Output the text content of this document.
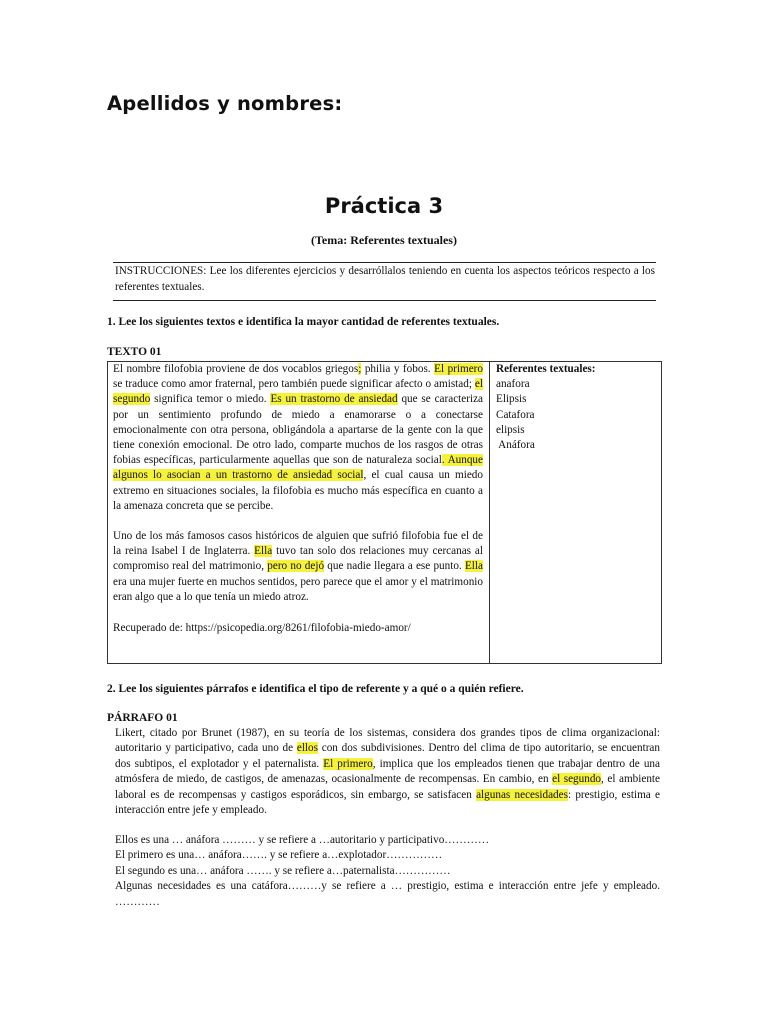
Apellidos y nombres:
Práctica 3
(Tema: Referentes textuales)

INSTRUCCIONES: Lee los diferentes ejercicios y desarróllalos teniendo en cuenta los aspectos teóricos respecto a los referentes textuales.

1. Lee los siguientes textos e identifica la mayor cantidad de referentes textuales.
TEXTO 01

El nombre filofobia proviene de dos vocablos griegos; philia y fobos. El primero se traduce como amor fraternal, pero también puede significar afecto o amistad; el segundo significa temor o miedo. Es un trastorno de ansiedad que se caracteriza por un sentimiento profundo de miedo a enamorarse o a conectarse emocionalmente con otra persona, obligándola a apartarse de la gente con la que tiene conexión emocional. De otro lado, comparte muchos de los rasgos de otras fobias específicas, particularmente aquellas que son de naturaleza social. Aunque algunos lo asocian a un trastorno de ansiedad social, el cual causa un miedo extremo en situaciones sociales, la filofobia es mucho más específica en cuanto a la amenaza concreta que se percibe.

Uno de los más famosos casos históricos de alguien que sufrió filofobia fue el de la reina Isabel I de Inglaterra. Ella tuvo tan solo dos relaciones muy cercanas al compromiso real del matrimonio, pero no dejó que nadie llegara a ese punto. Ella era una mujer fuerte en muchos sentidos, pero parece que el amor y el matrimonio eran algo que a lo que tenía un miedo atroz.

Recuperado de: https://psicopedia.org/8261/filofobia-miedo-amor/

Referentes textuales:
anafora
Elipsis
Catafora
elipsis
Anáfora
2. Lee los siguientes párrafos e identifica el tipo de referente y a qué o a quién refiere.
PÁRRAFO 01

Likert, citado por Brunet (1987), en su teoría de los sistemas, considera dos grandes tipos de clima organizacional: autoritario y participativo, cada uno de ellos con dos subdivisiones. Dentro del clima de tipo autoritario, se encuentran dos subtipos, el explotador y el paternalista. El primero, implica que los empleados tienen que trabajar dentro de una atmósfera de miedo, de castigos, de amenazas, ocasionalmente de recompensas. En cambio, en el segundo, el ambiente laboral es de recompensas y castigos esporádicos, sin embargo, se satisfacen algunas necesidades: prestigio, estima e interacción entre jefe y empleado.

Ellos es una … anáfora ……… y se refiere a …autoritario y participativo…………
El primero es una… anáfora……. y se refiere a…explotador……………
El segundo es una… anáfora ……. y se refiere a…paternalista……………
Algunas necesidades es una catáfora………y se refiere a … prestigio, estima e interacción entre jefe y empleado. …………
